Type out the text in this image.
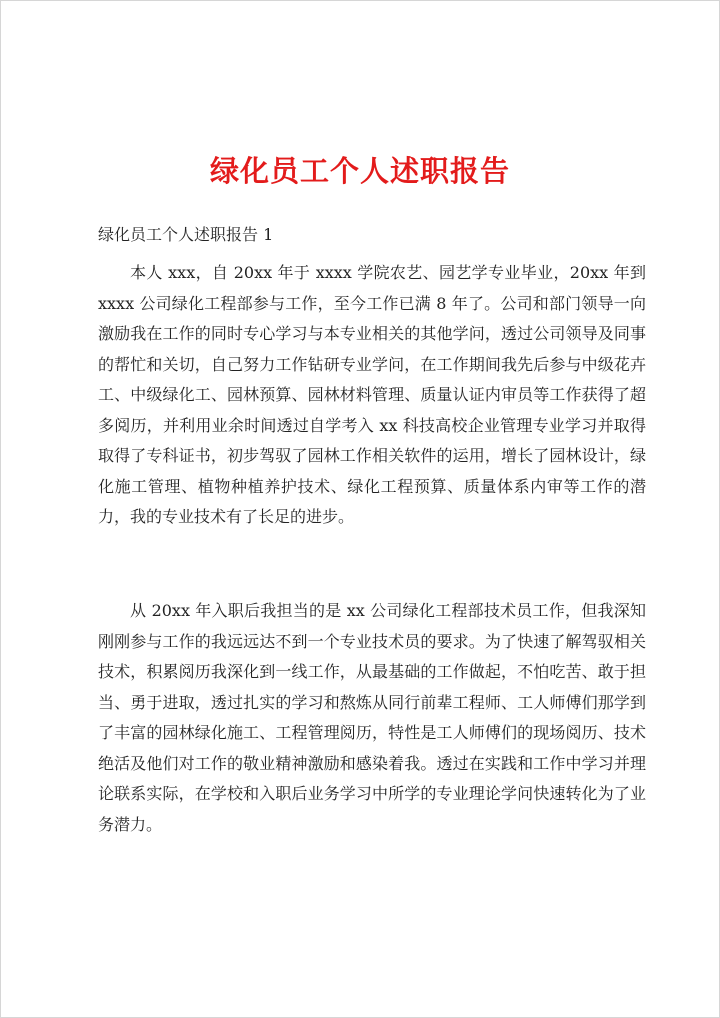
绿化员工个人述职报告
绿化员工个人述职报告 1

本人 xxx，自 20xx 年于 xxxx 学院农艺、园艺学专业毕业，20xx 年到 xxxx 公司绿化工程部参与工作，至今工作已满 8 年了。公司和部门领导一向激励我在工作的同时专心学习与本专业相关的其他学问，透过公司领导及同事的帮忙和关切，自己努力工作钻研专业学问，在工作期间我先后参与中级花卉工、中级绿化工、园林预算、园林材料管理、质量认证内审员等工作获得了超多阅历，并利用业余时间透过自学考入 xx 科技高校企业管理专业学习并取得取得了专科证书，初步驾驭了园林工作相关软件的运用，增长了园林设计，绿化施工管理、植物种植养护技术、绿化工程预算、质量体系内审等工作的潜力，我的专业技术有了长足的进步。

从 20xx 年入职后我担当的是 xx 公司绿化工程部技术员工作，但我深知刚刚参与工作的我远远达不到一个专业技术员的要求。为了快速了解驾驭相关技术，积累阅历我深化到一线工作，从最基础的工作做起，不怕吃苦、敢于担当、勇于进取，透过扎实的学习和熬炼从同行前辈工程师、工人师傅们那学到了丰富的园林绿化施工、工程管理阅历，特性是工人师傅们的现场阅历、技术绝活及他们对工作的敬业精神激励和感染着我。透过在实践和工作中学习并理论联系实际，在学校和入职后业务学习中所学的专业理论学问快速转化为了业务潜力。
